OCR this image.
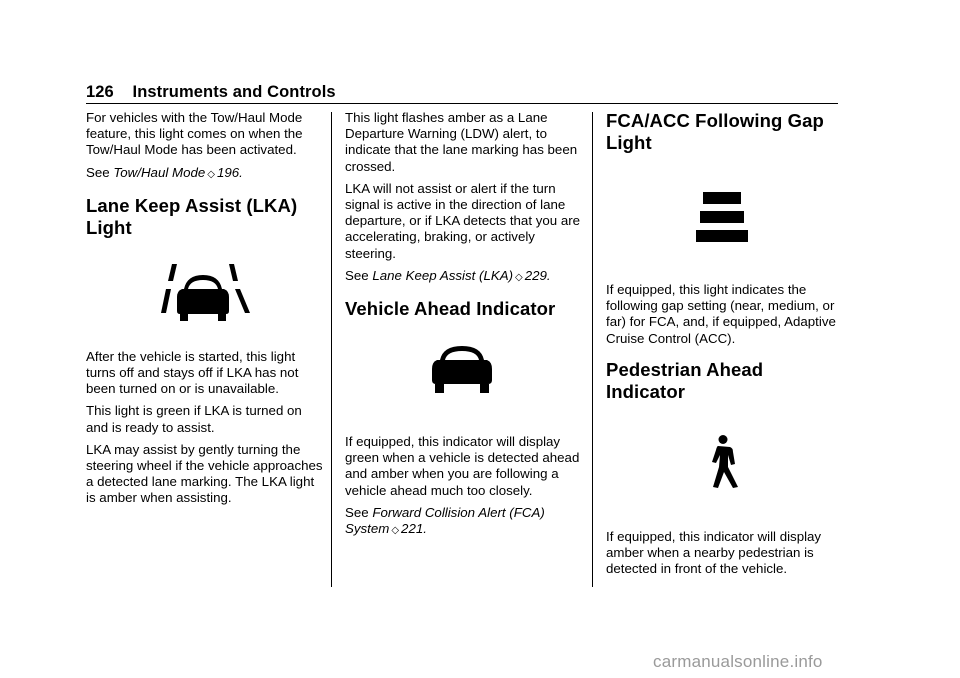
126 Instruments and Controls

For vehicles with the Tow/Haul Mode feature, this light comes on when the Tow/Haul Mode has been activated.

See Tow/Haul Mode ◇ 196.

Lane Keep Assist (LKA) Light

After the vehicle is started, this light turns off and stays off if LKA has not been turned on or is unavailable.

This light is green if LKA is turned on and is ready to assist.

LKA may assist by gently turning the steering wheel if the vehicle approaches a detected lane marking. The LKA light is amber when assisting.

This light flashes amber as a Lane Departure Warning (LDW) alert, to indicate that the lane marking has been crossed.

LKA will not assist or alert if the turn signal is active in the direction of lane departure, or if LKA detects that you are accelerating, braking, or actively steering.

See Lane Keep Assist (LKA) ◇ 229.

Vehicle Ahead Indicator

If equipped, this indicator will display green when a vehicle is detected ahead and amber when you are following a vehicle ahead much too closely.

See Forward Collision Alert (FCA) System ◇ 221.

FCA/ACC Following Gap Light

If equipped, this light indicates the following gap setting (near, medium, or far) for FCA, and, if equipped, Adaptive Cruise Control (ACC).

Pedestrian Ahead Indicator

If equipped, this indicator will display amber when a nearby pedestrian is detected in front of the vehicle.

carmanualsonline.info
